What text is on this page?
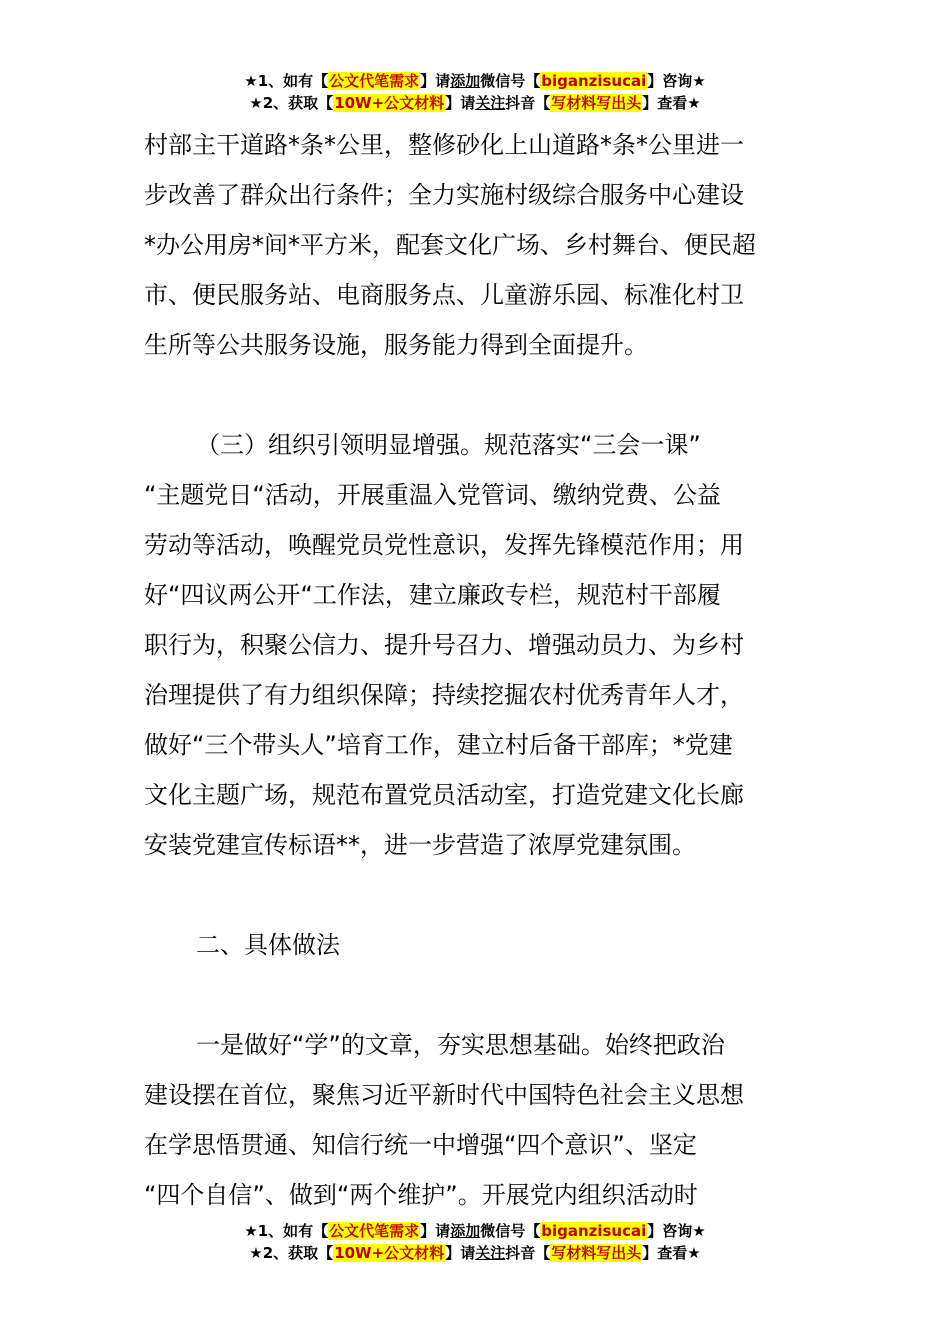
★1、如有【公文代笔需求】请添加微信号【biganzisucai】咨询★
★2、获取【10W+公文材料】请关注抖音【写材料写出头】查看★

村部主干道路*条*公里，整修砂化上山道路*条*公里进一
步改善了群众出行条件；全力实施村级综合服务中心建设
*办公用房*间*平方米，配套文化广场、乡村舞台、便民超
市、便民服务站、电商服务点、儿童游乐园、标准化村卫
生所等公共服务设施，服务能力得到全面提升。

（三）组织引领明显增强。规范落实“三会一课”
“主题党日“活动，开展重温入党管词、缴纳党费、公益
劳动等活动，唤醒党员党性意识，发挥先锋模范作用；用
好“四议两公开“工作法，建立廉政专栏，规范村干部履
职行为，积聚公信力、提升号召力、增强动员力、为乡村
治理提供了有力组织保障；持续挖掘农村优秀青年人才，
做好“三个带头人”培育工作，建立村后备干部库；*党建
文化主题广场，规范布置党员活动室，打造党建文化长廊
安装党建宣传标语**，进一步营造了浓厚党建氛围。

二、具体做法

一是做好“学”的文章，夯实思想基础。始终把政治
建设摆在首位，聚焦习近平新时代中国特色社会主义思想
在学思悟贯通、知信行统一中增强“四个意识”、坚定
“四个自信”、做到“两个维护”。开展党内组织活动时

★1、如有【公文代笔需求】请添加微信号【biganzisucai】咨询★
★2、获取【10W+公文材料】请关注抖音【写材料写出头】查看★
